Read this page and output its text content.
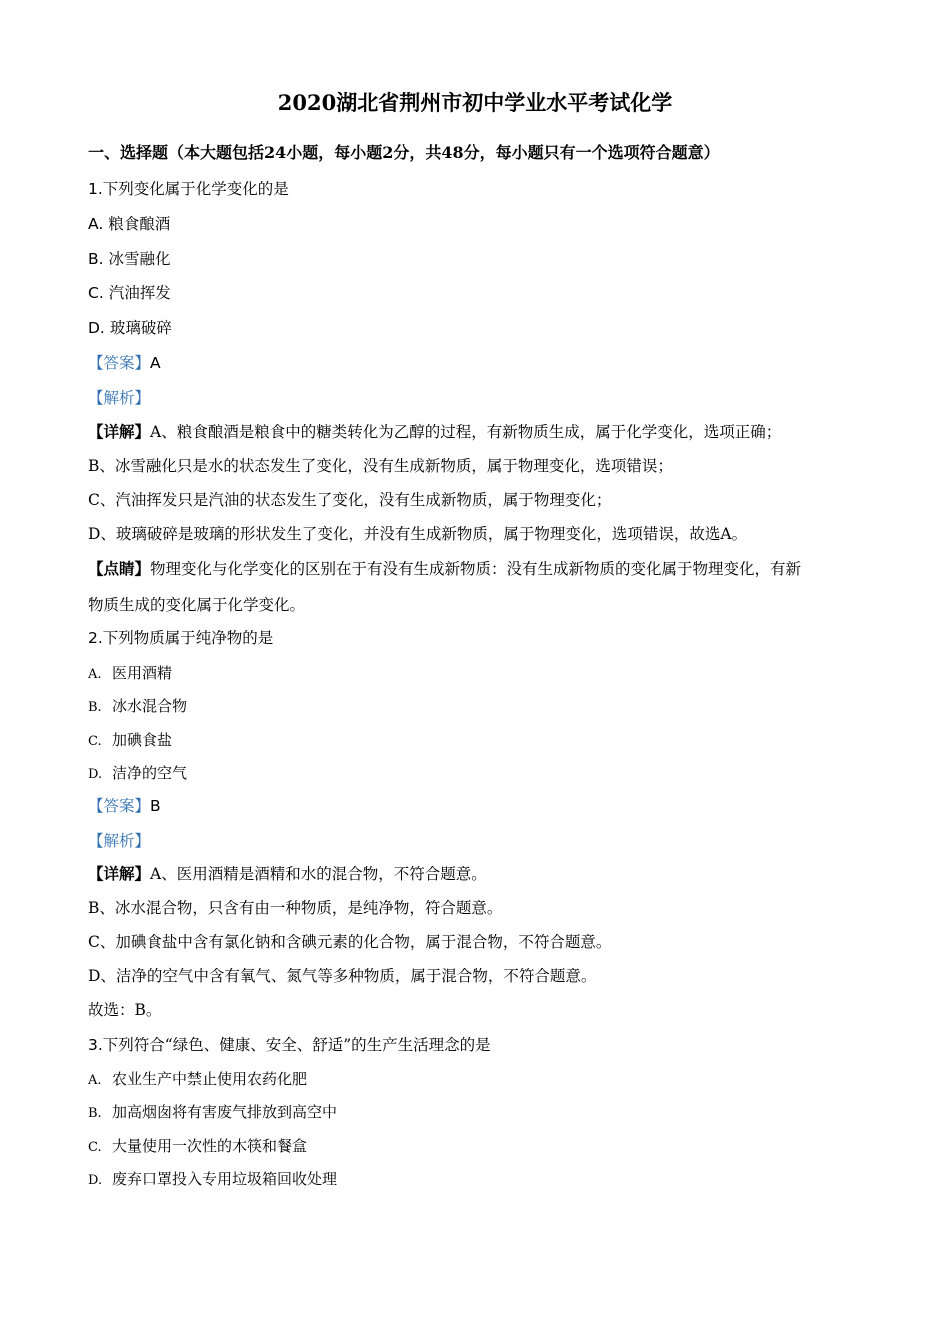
2020湖北省荆州市初中学业水平考试化学
一、选择题（本大题包括24小题，每小题2分，共48分，每小题只有一个选项符合题意）
1.下列变化属于化学变化的是
A. 粮食酿酒
B. 冰雪融化
C. 汽油挥发
D. 玻璃破碎
【答案】A
【解析】
【详解】A、粮食酿酒是粮食中的糖类转化为乙醇的过程，有新物质生成，属于化学变化，选项正确；
B、冰雪融化只是水的状态发生了变化，没有生成新物质，属于物理变化，选项错误；
C、汽油挥发只是汽油的状态发生了变化，没有生成新物质，属于物理变化；
D、玻璃破碎是玻璃的形状发生了变化，并没有生成新物质，属于物理变化，选项错误，故选A。
【点睛】物理变化与化学变化的区别在于有没有生成新物质：没有生成新物质的变化属于物理变化，有新
物质生成的变化属于化学变化。
2.下列物质属于纯净物的是
A. 医用酒精
B. 冰水混合物
C. 加碘食盐
D. 洁净的空气
【答案】B
【解析】
【详解】A、医用酒精是酒精和水的混合物，不符合题意。
B、冰水混合物，只含有由一种物质，是纯净物，符合题意。
C、加碘食盐中含有氯化钠和含碘元素的化合物，属于混合物，不符合题意。
D、洁净的空气中含有氧气、氮气等多种物质，属于混合物，不符合题意。
故选：B。
3.下列符合“绿色、健康、安全、舒适”的生产生活理念的是
A. 农业生产中禁止使用农药化肥
B. 加高烟囱将有害废气排放到高空中
C. 大量使用一次性的木筷和餐盒
D. 废弃口罩投入专用垃圾箱回收处理
